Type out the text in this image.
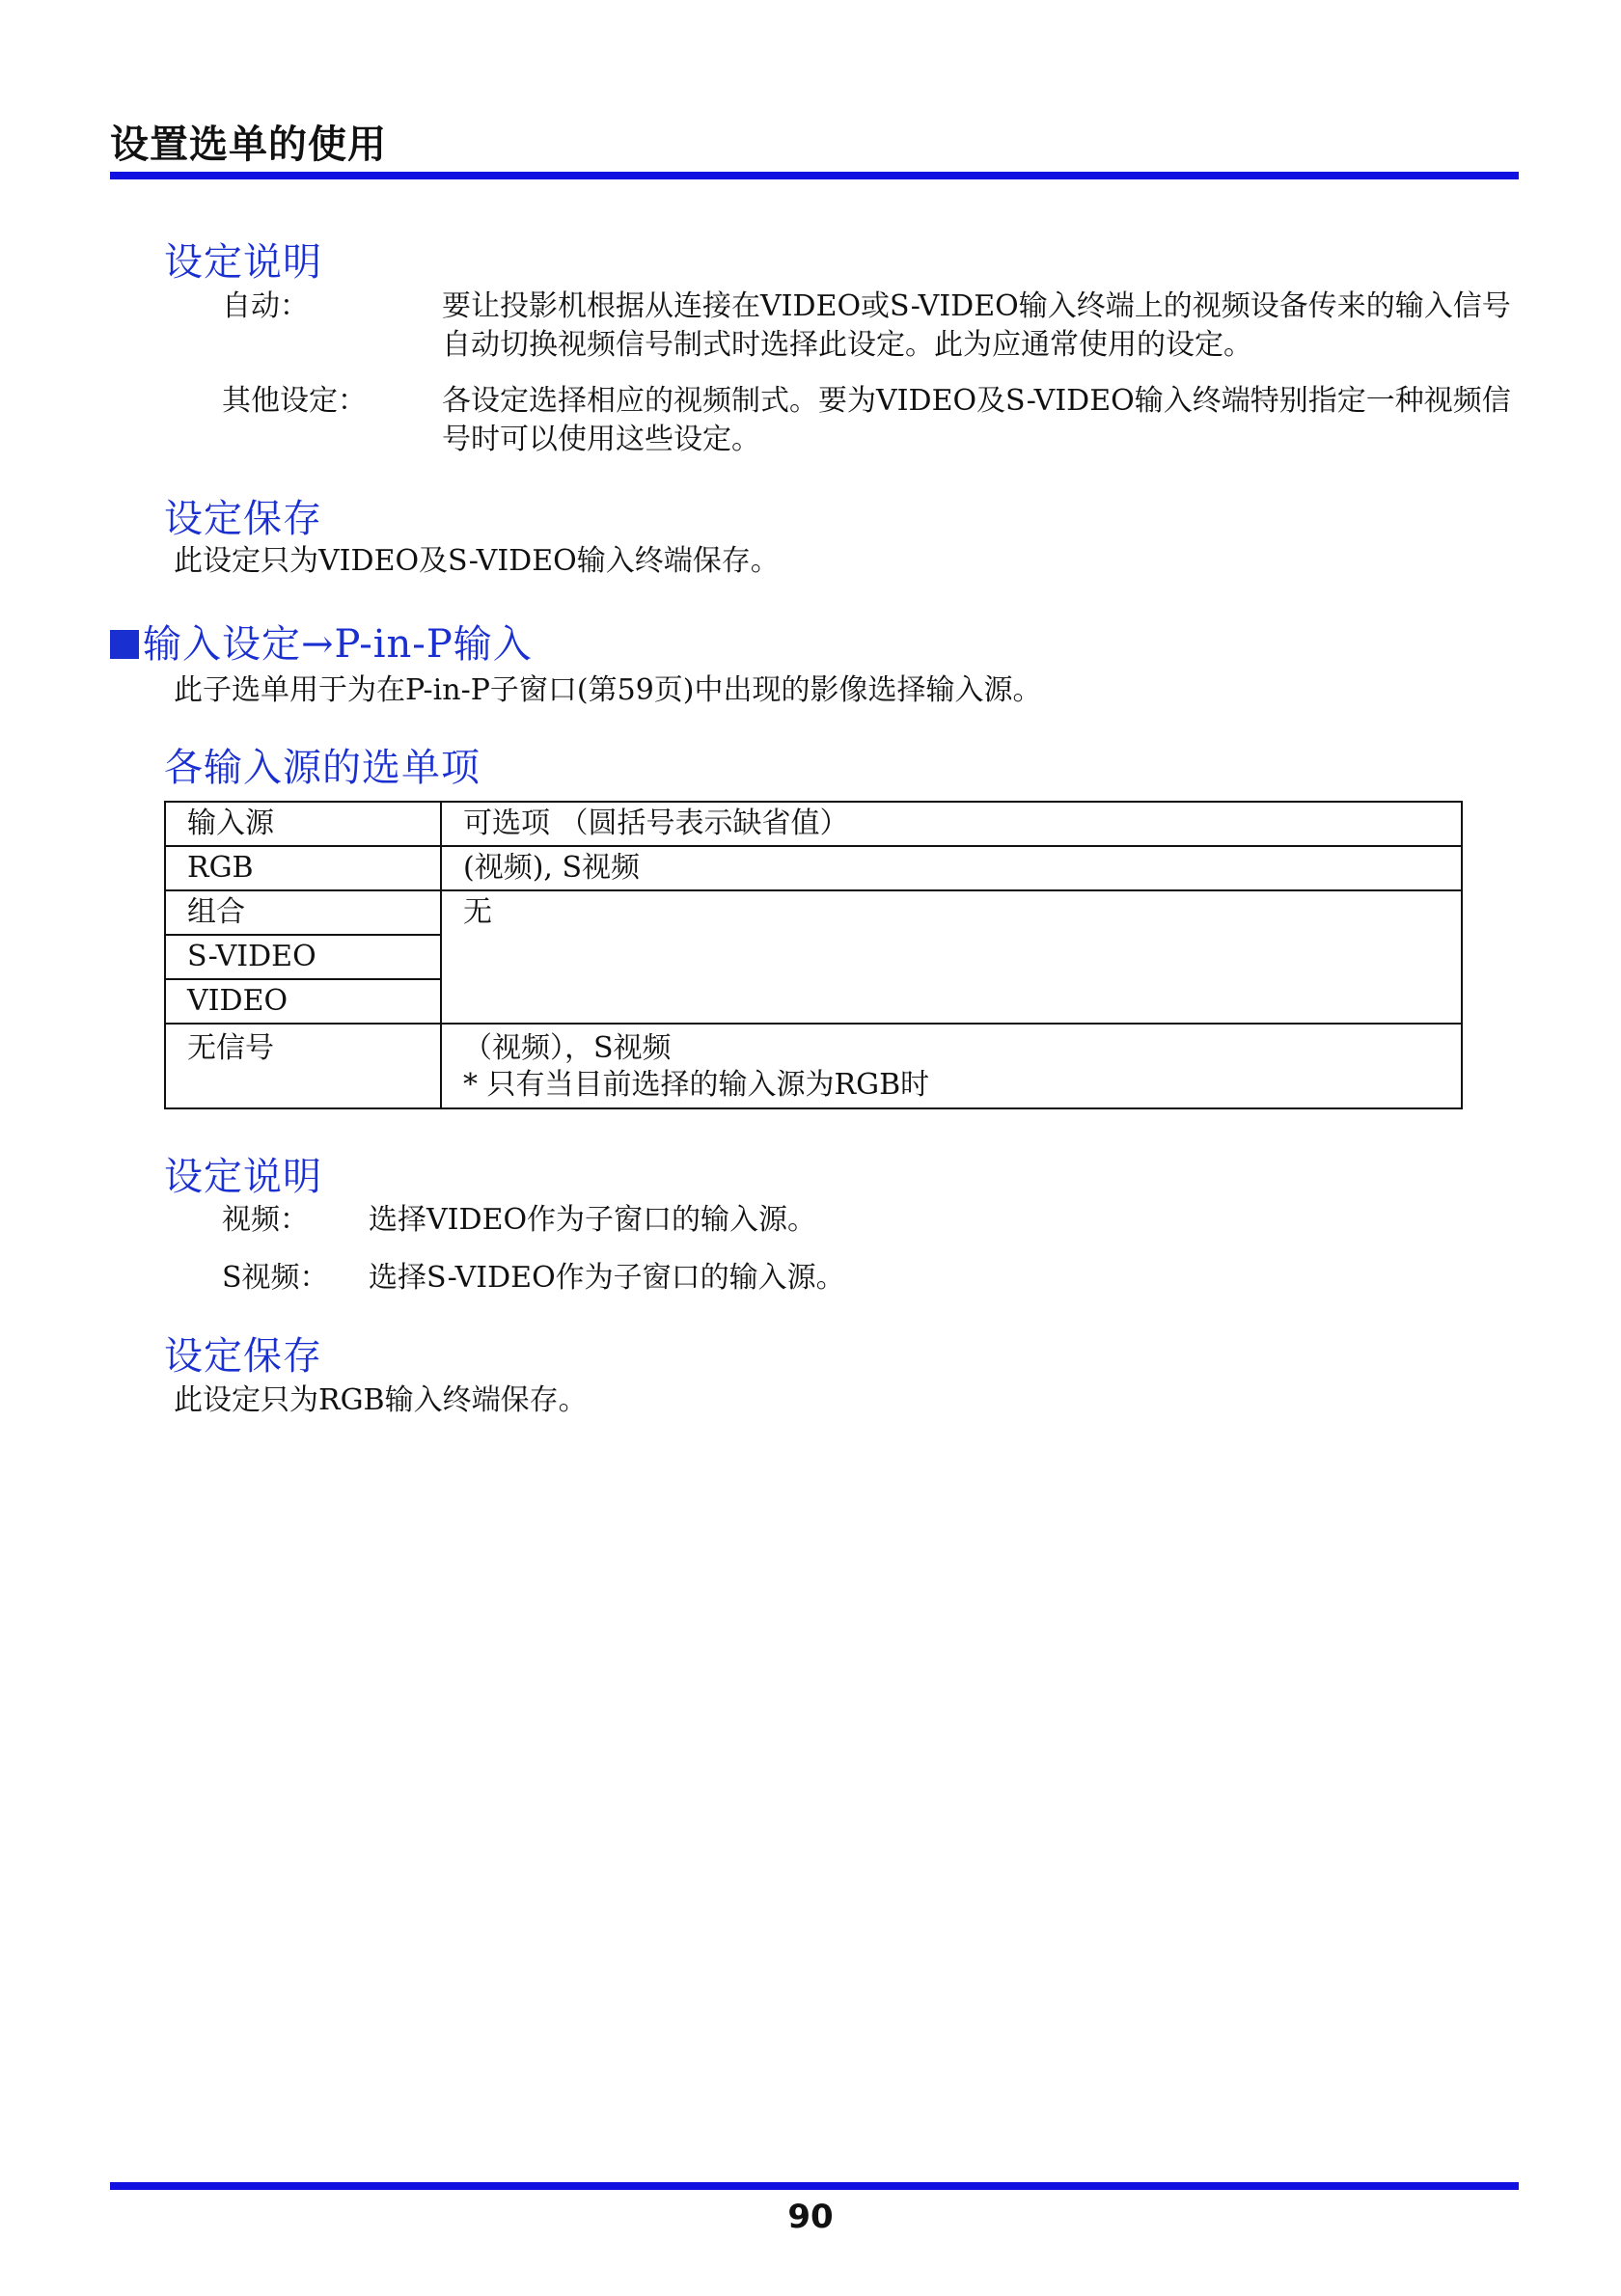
设置选单的使用
设定说明
自动：	要让投影机根据从连接在VIDEO或S-VIDEO输入终端上的视频设备传来的输入信号自动切换视频信号制式时选择此设定。此为应通常使用的设定。
其他设定：	各设定选择相应的视频制式。要为VIDEO及S-VIDEO输入终端特别指定一种视频信号时可以使用这些设定。
设定保存
此设定只为VIDEO及S-VIDEO输入终端保存。
输入设定→P-in-P输入
此子选单用于为在P-in-P子窗口(第59页)中出现的影像选择输入源。
各输入源的选单项
输入源	可选项 （圆括号表示缺省值）
RGB	(视频), S视频
组合	无
S-VIDEO	
VIDEO	
无信号	（视频），S视频
* 只有当目前选择的输入源为RGB时
设定说明
视频： 选择VIDEO作为子窗口的输入源。
S视频： 选择S-VIDEO作为子窗口的输入源。
设定保存
此设定只为RGB输入终端保存。
90
